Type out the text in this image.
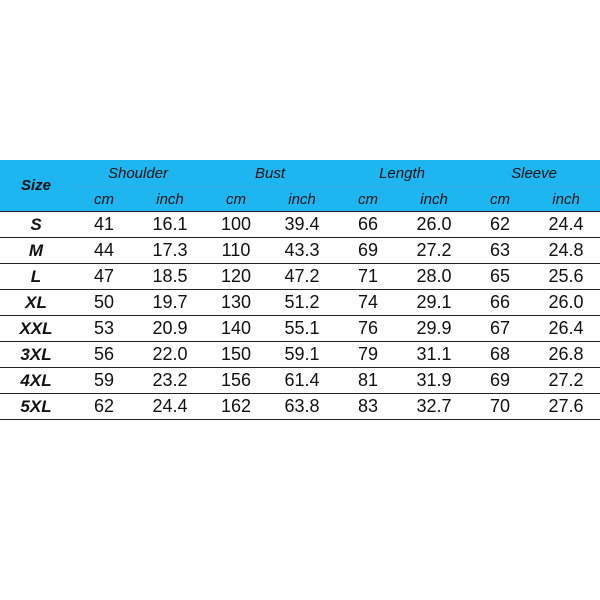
Size	Shoulder		Bust		Length		Sleeve	
	cm	inch	cm	inch	cm	inch	cm	inch
S	41	16.1	100	39.4	66	26.0	62	24.4
M	44	17.3	110	43.3	69	27.2	63	24.8
L	47	18.5	120	47.2	71	28.0	65	25.6
XL	50	19.7	130	51.2	74	29.1	66	26.0
XXL	53	20.9	140	55.1	76	29.9	67	26.4
3XL	56	22.0	150	59.1	79	31.1	68	26.8
4XL	59	23.2	156	61.4	81	31.9	69	27.2
5XL	62	24.4	162	63.8	83	32.7	70	27.6
